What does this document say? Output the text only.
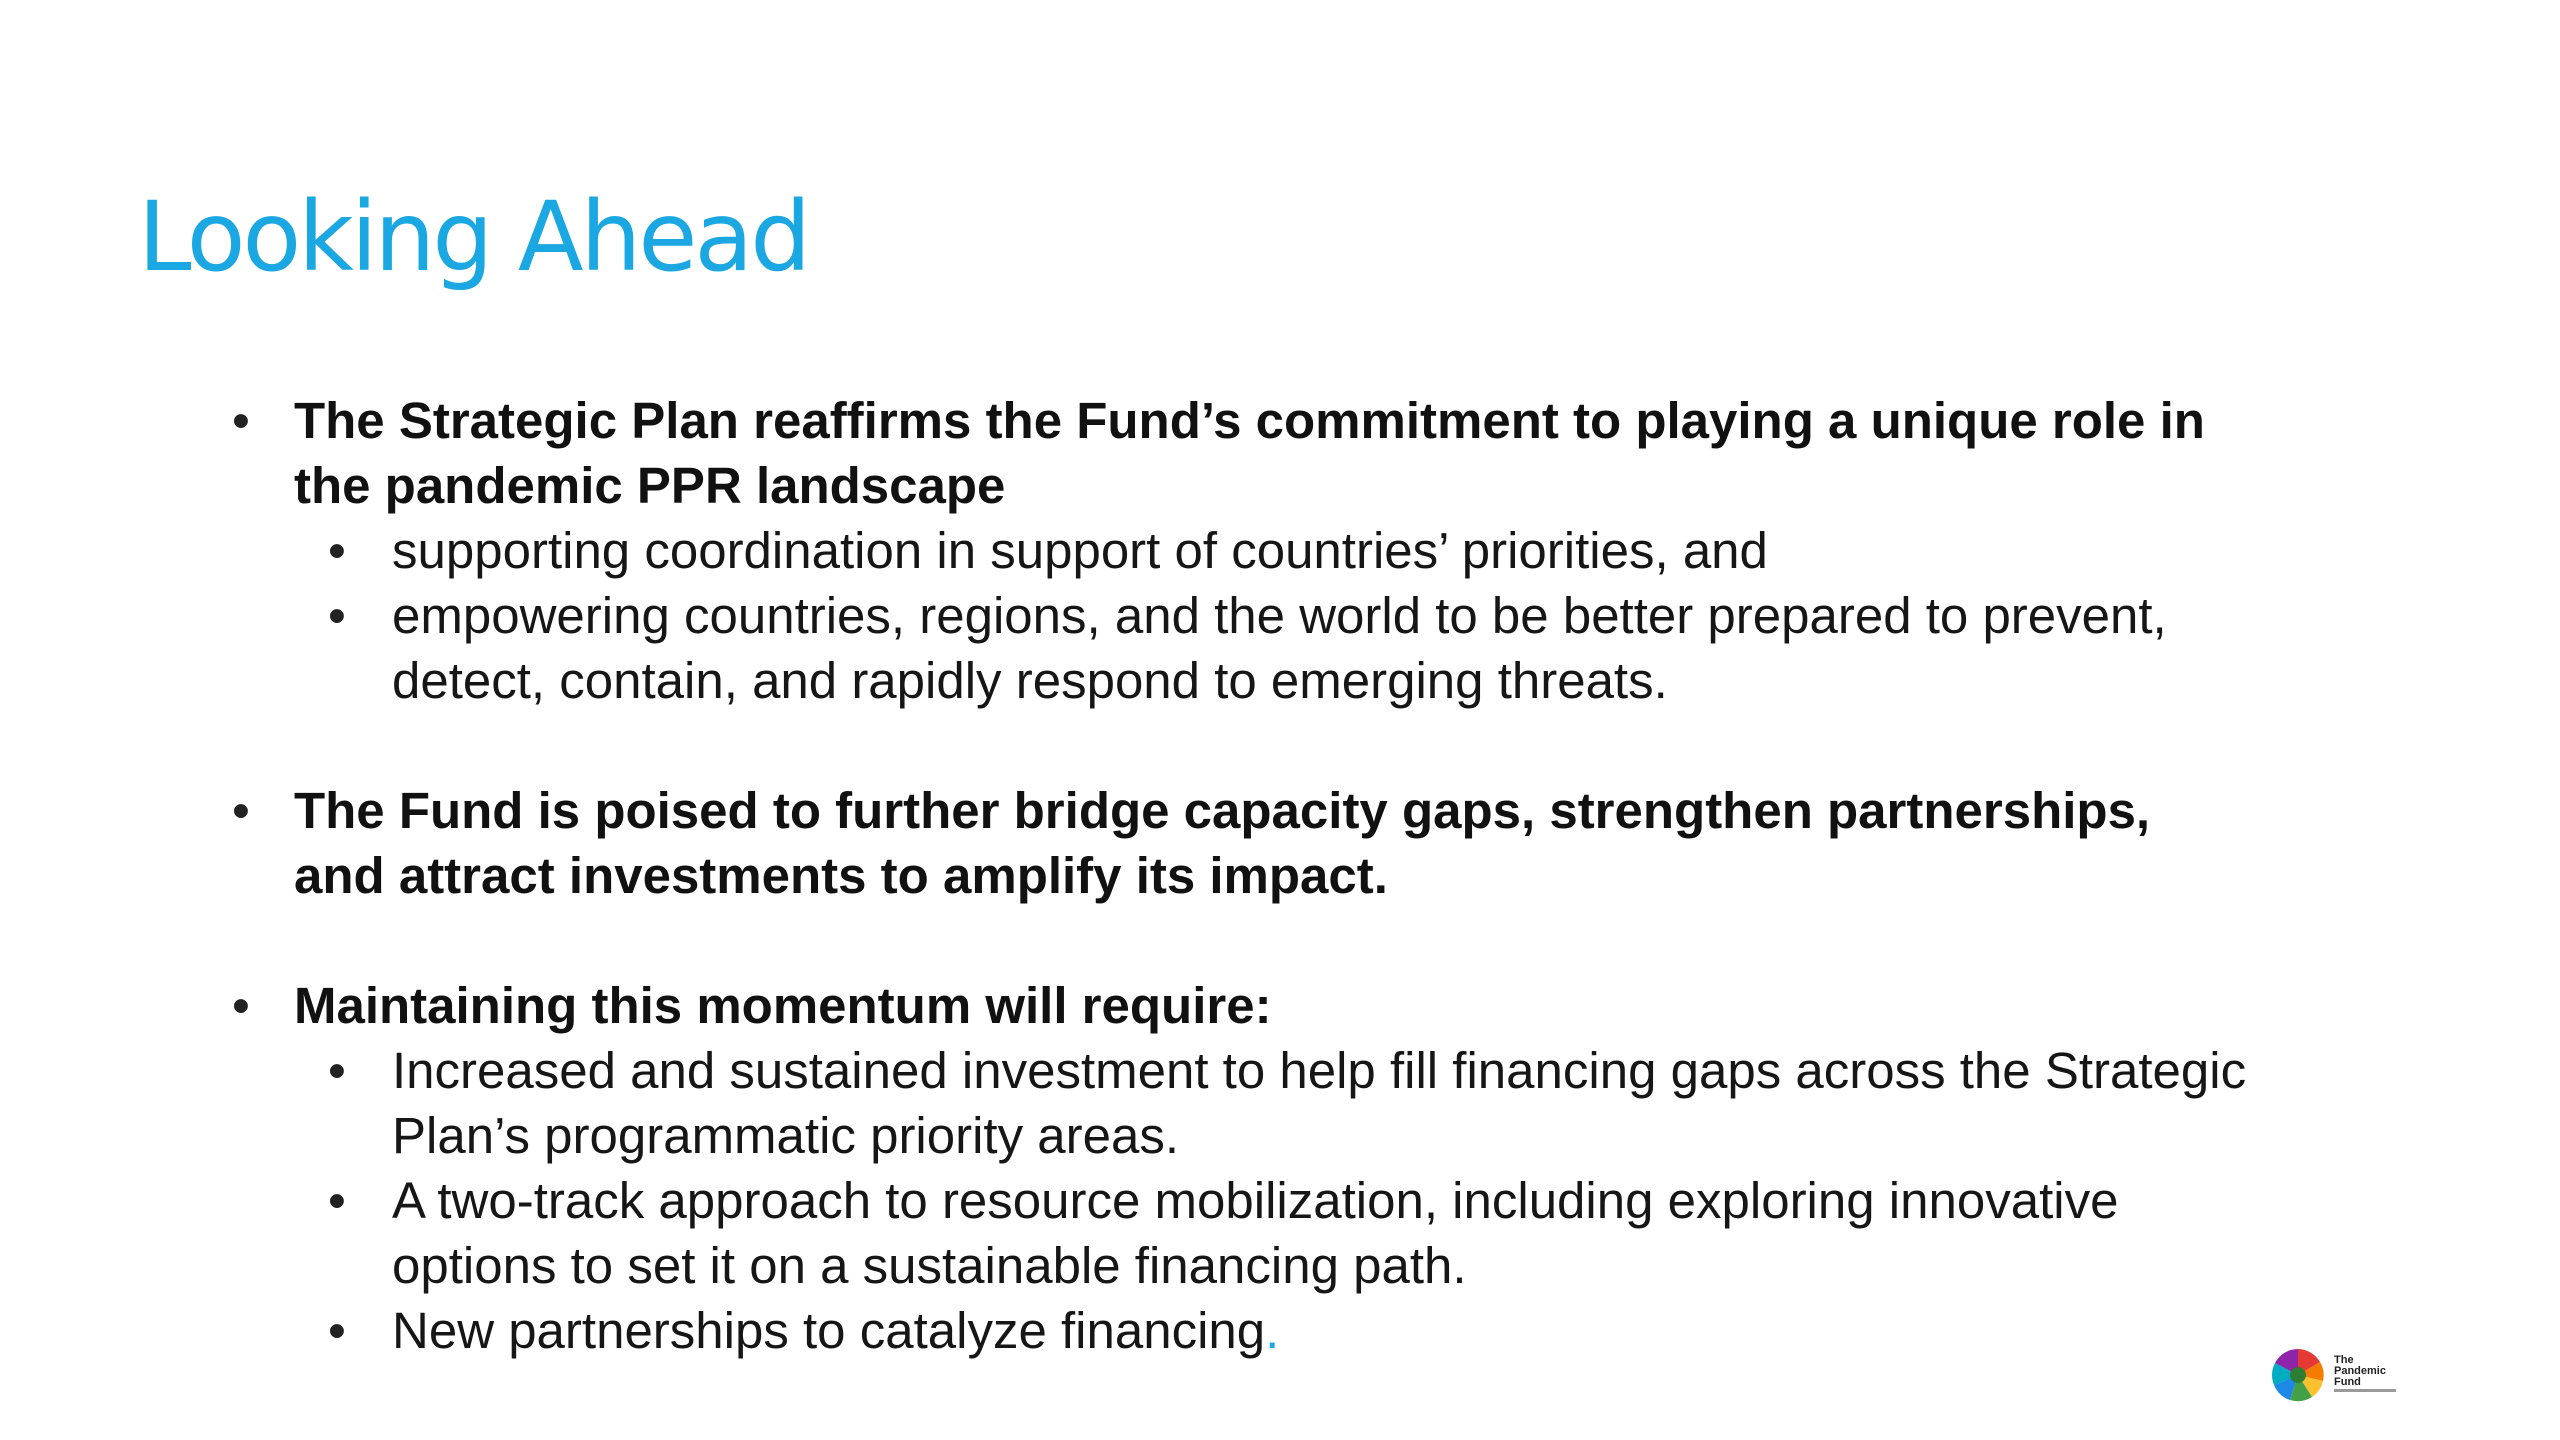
Looking Ahead
• The Strategic Plan reaffirms the Fund’s commitment to playing a unique role in the pandemic PPR landscape
• supporting coordination in support of countries’ priorities, and
• empowering countries, regions, and the world to be better prepared to prevent, detect, contain, and rapidly respond to emerging threats.
• The Fund is poised to further bridge capacity gaps, strengthen partnerships, and attract investments to amplify its impact.
• Maintaining this momentum will require:
• Increased and sustained investment to help fill financing gaps across the Strategic Plan’s programmatic priority areas.
• A two-track approach to resource mobilization, including exploring innovative options to set it on a sustainable financing path.
• New partnerships to catalyze financing.
The
Pandemic
Fund
